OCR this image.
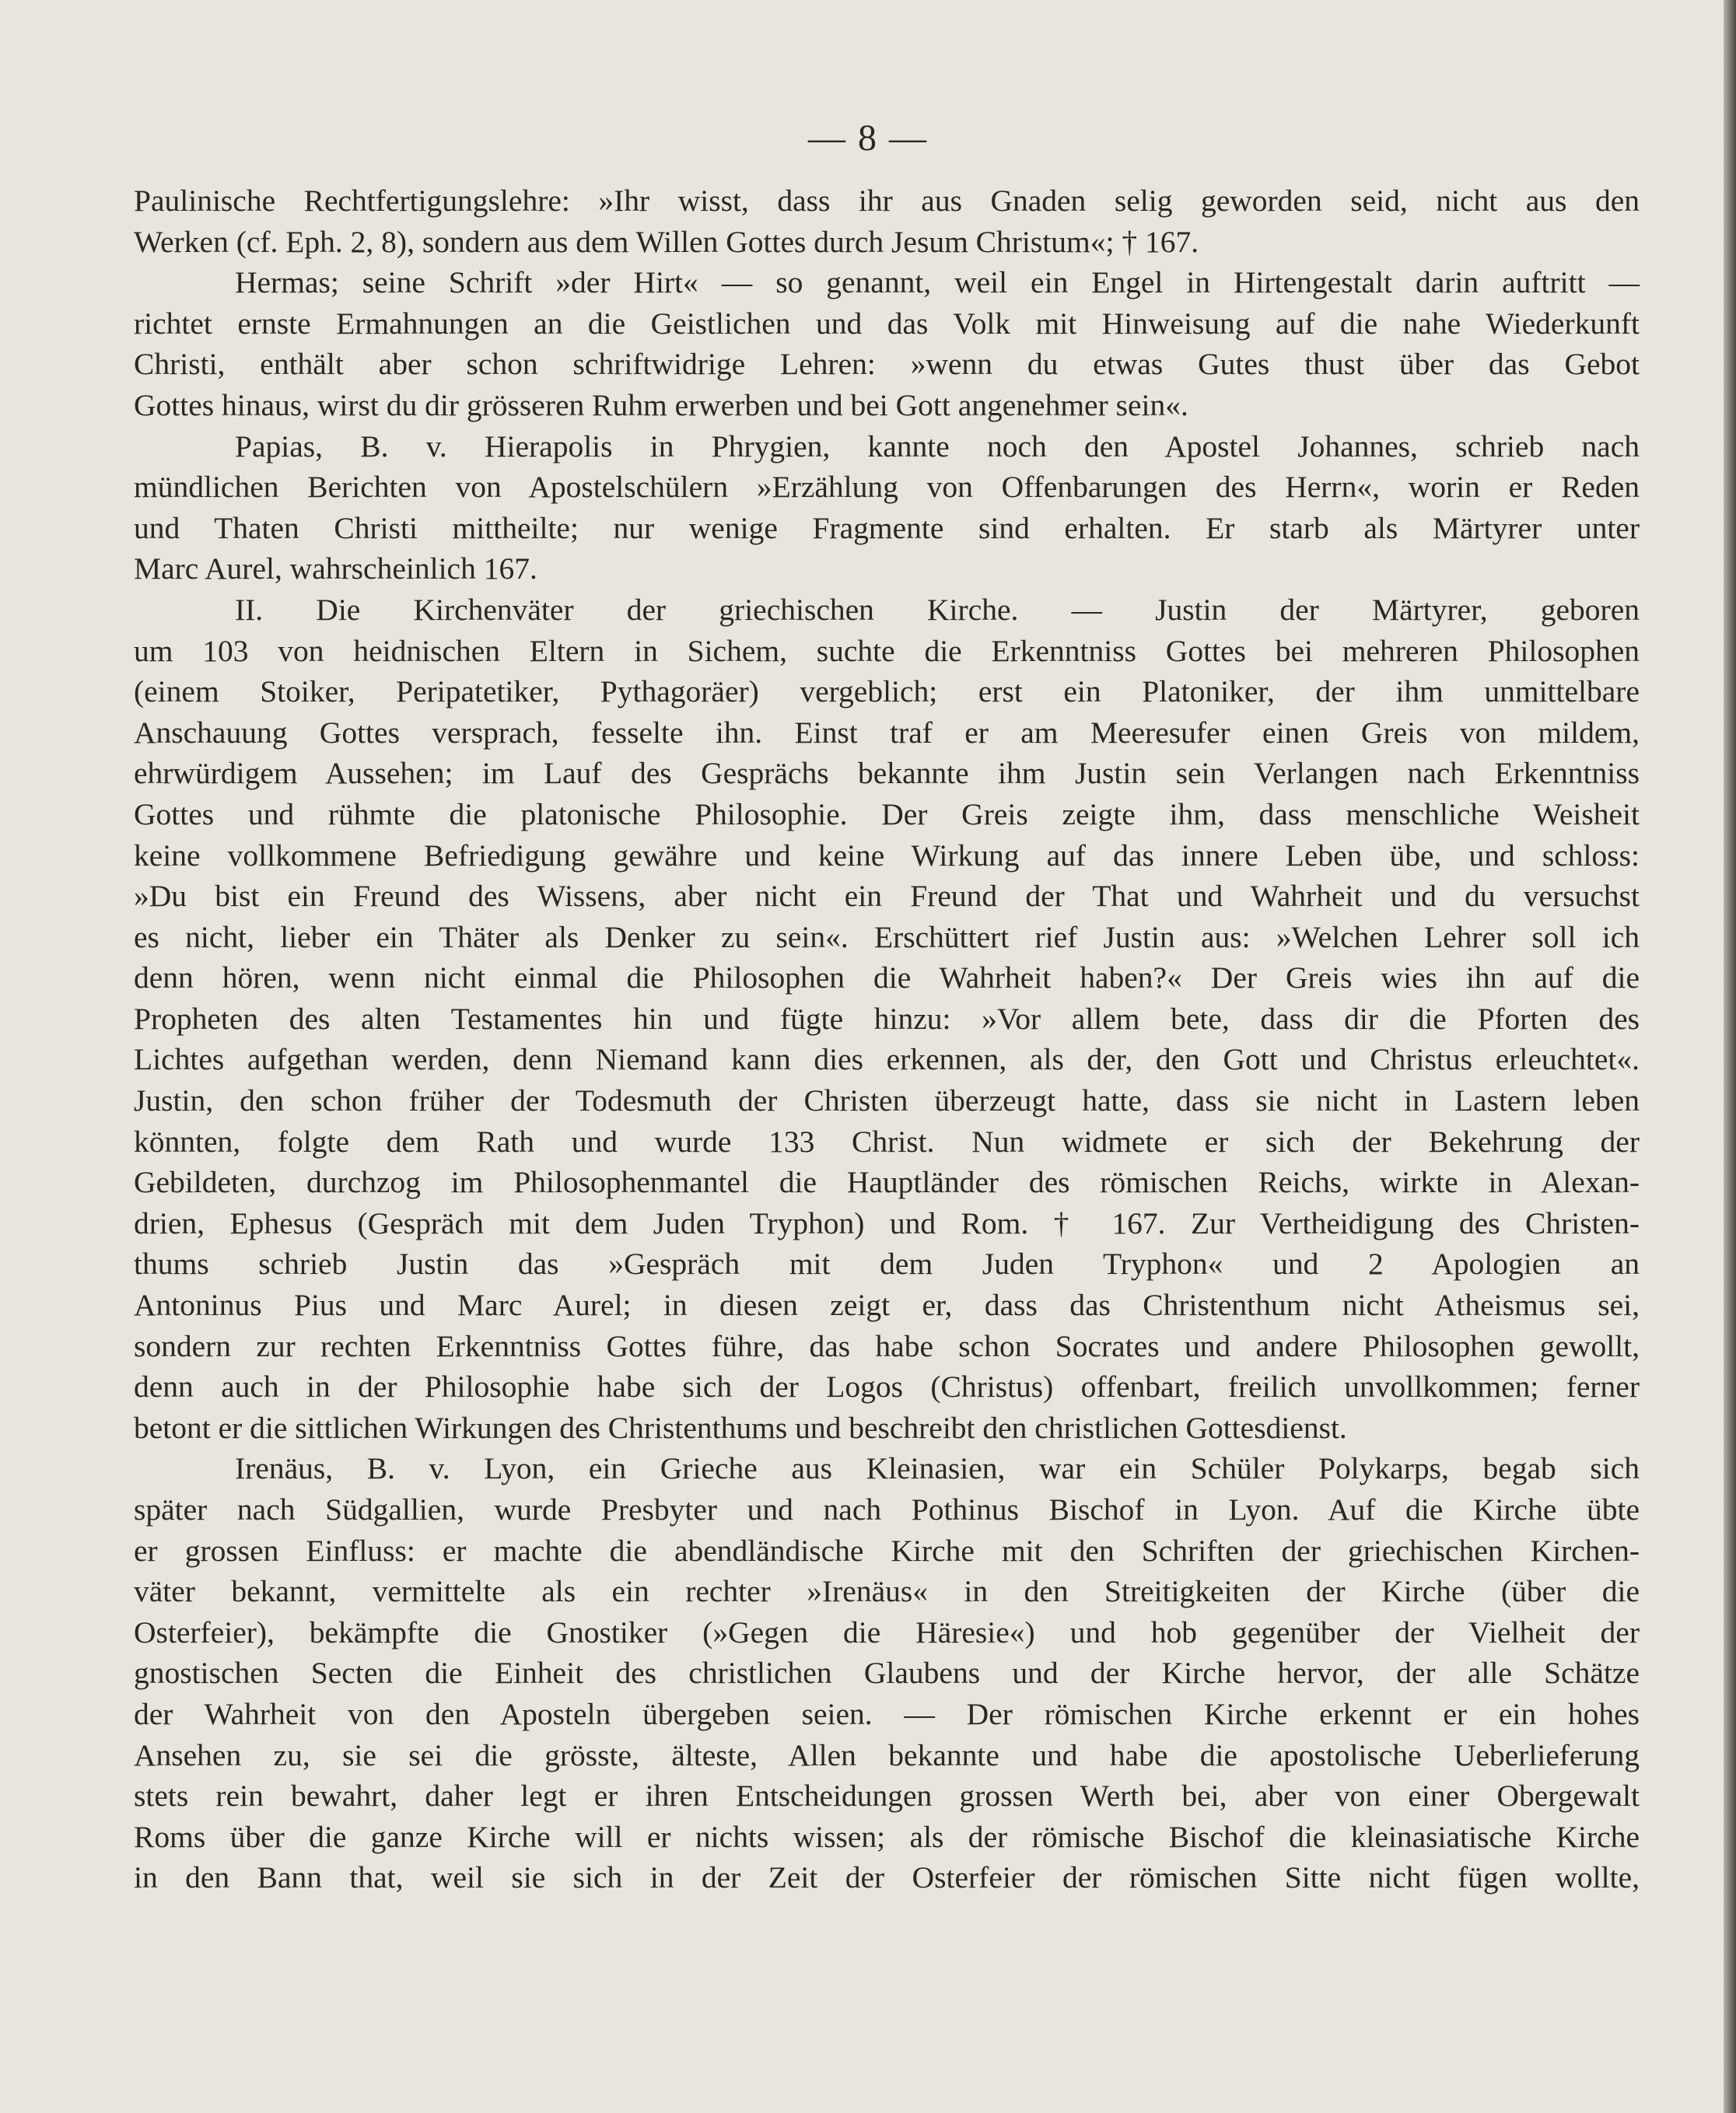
— 8 —
Paulinische Rechtfertigungslehre: »Ihr wisst, dass ihr aus Gnaden selig geworden seid, nicht aus den
Werken (cf. Eph. 2, 8), sondern aus dem Willen Gottes durch Jesum Christum«; † 167.
Hermas; seine Schrift »der Hirt« — so genannt, weil ein Engel in Hirtengestalt darin auftritt —
richtet ernste Ermahnungen an die Geistlichen und das Volk mit Hinweisung auf die nahe Wiederkunft
Christi, enthält aber schon schriftwidrige Lehren: »wenn du etwas Gutes thust über das Gebot
Gottes hinaus, wirst du dir grösseren Ruhm erwerben und bei Gott angenehmer sein«.
Papias, B. v. Hierapolis in Phrygien, kannte noch den Apostel Johannes, schrieb nach
mündlichen Berichten von Apostelschülern »Erzählung von Offenbarungen des Herrn«, worin er Reden
und Thaten Christi mittheilte; nur wenige Fragmente sind erhalten. Er starb als Märtyrer unter
Marc Aurel, wahrscheinlich 167.
II. Die Kirchenväter der griechischen Kirche. — Justin der Märtyrer, geboren
um 103 von heidnischen Eltern in Sichem, suchte die Erkenntniss Gottes bei mehreren Philosophen
(einem Stoiker, Peripatetiker, Pythagoräer) vergeblich; erst ein Platoniker, der ihm unmittelbare
Anschauung Gottes versprach, fesselte ihn. Einst traf er am Meeresufer einen Greis von mildem,
ehrwürdigem Aussehen; im Lauf des Gesprächs bekannte ihm Justin sein Verlangen nach Erkenntniss
Gottes und rühmte die platonische Philosophie. Der Greis zeigte ihm, dass menschliche Weisheit
keine vollkommene Befriedigung gewähre und keine Wirkung auf das innere Leben übe, und schloss:
»Du bist ein Freund des Wissens, aber nicht ein Freund der That und Wahrheit und du versuchst
es nicht, lieber ein Thäter als Denker zu sein«. Erschüttert rief Justin aus: »Welchen Lehrer soll ich
denn hören, wenn nicht einmal die Philosophen die Wahrheit haben?« Der Greis wies ihn auf die
Propheten des alten Testamentes hin und fügte hinzu: »Vor allem bete, dass dir die Pforten des
Lichtes aufgethan werden, denn Niemand kann dies erkennen, als der, den Gott und Christus erleuchtet«.
Justin, den schon früher der Todesmuth der Christen überzeugt hatte, dass sie nicht in Lastern leben
könnten, folgte dem Rath und wurde 133 Christ. Nun widmete er sich der Bekehrung der
Gebildeten, durchzog im Philosophenmantel die Hauptländer des römischen Reichs, wirkte in Alexan-
drien, Ephesus (Gespräch mit dem Juden Tryphon) und Rom. † 167. Zur Vertheidigung des Christen-
thums schrieb Justin das »Gespräch mit dem Juden Tryphon« und 2 Apologien an
Antoninus Pius und Marc Aurel; in diesen zeigt er, dass das Christenthum nicht Atheismus sei,
sondern zur rechten Erkenntniss Gottes führe, das habe schon Socrates und andere Philosophen gewollt,
denn auch in der Philosophie habe sich der Logos (Christus) offenbart, freilich unvollkommen; ferner
betont er die sittlichen Wirkungen des Christenthums und beschreibt den christlichen Gottesdienst.
Irenäus, B. v. Lyon, ein Grieche aus Kleinasien, war ein Schüler Polykarps, begab sich
später nach Südgallien, wurde Presbyter und nach Pothinus Bischof in Lyon. Auf die Kirche übte
er grossen Einfluss: er machte die abendländische Kirche mit den Schriften der griechischen Kirchen-
väter bekannt, vermittelte als ein rechter »Irenäus« in den Streitigkeiten der Kirche (über die
Osterfeier), bekämpfte die Gnostiker (»Gegen die Häresie«) und hob gegenüber der Vielheit der
gnostischen Secten die Einheit des christlichen Glaubens und der Kirche hervor, der alle Schätze
der Wahrheit von den Aposteln übergeben seien. — Der römischen Kirche erkennt er ein hohes
Ansehen zu, sie sei die grösste, älteste, Allen bekannte und habe die apostolische Ueberlieferung
stets rein bewahrt, daher legt er ihren Entscheidungen grossen Werth bei, aber von einer Obergewalt
Roms über die ganze Kirche will er nichts wissen; als der römische Bischof die kleinasiatische Kirche
in den Bann that, weil sie sich in der Zeit der Osterfeier der römischen Sitte nicht fügen wollte,
